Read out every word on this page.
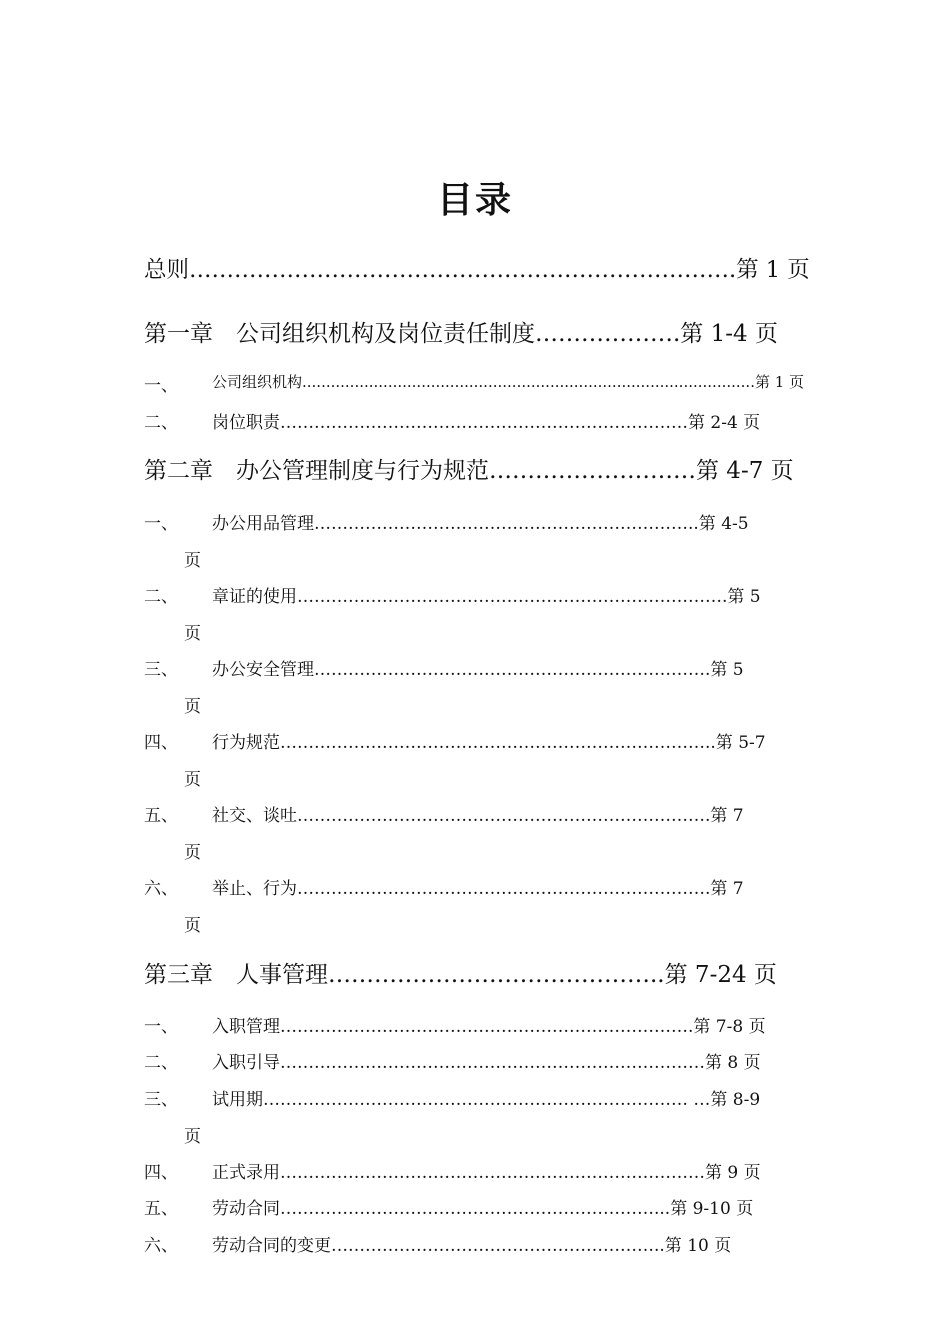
目录
总则……………………………………………………………….第 1 页
第一章　公司组织机构及岗位责任制度……………….第 1-4 页
一、 公司组织机构...............................................................................................第 1 页
二、 岗位职责………………………………………………………………第 2-4 页
第二章　办公管理制度与行为规范………………………第 4-7 页
一、 办公用品管理…………………………………………………………..第 4-5
页
二、 章证的使用………………………………………………………………….第 5
页
三、 办公安全管理…………………………………………………………….第 5
页
四、 行为规范…………………………………………………………………..第 5-7
页
五、 社交、谈吐……………………………………………………………….第 7
页
六、 举止、行为……………………………………………………………….第 7
页
第三章　人事管理……………………………………..第 7-24 页
一、 入职管理……………………………………………………………….第 7-8 页
二、 入职引导…………………………………………………………………第 8 页
三、 试用期………………………………………………………………… …第 8-9
页
四、 正式录用…………………………………………………………………第 9 页
五、 劳动合同…………………………………………………………...第 9-10 页
六、 劳动合同的变更…………………………………………………..第 10 页
